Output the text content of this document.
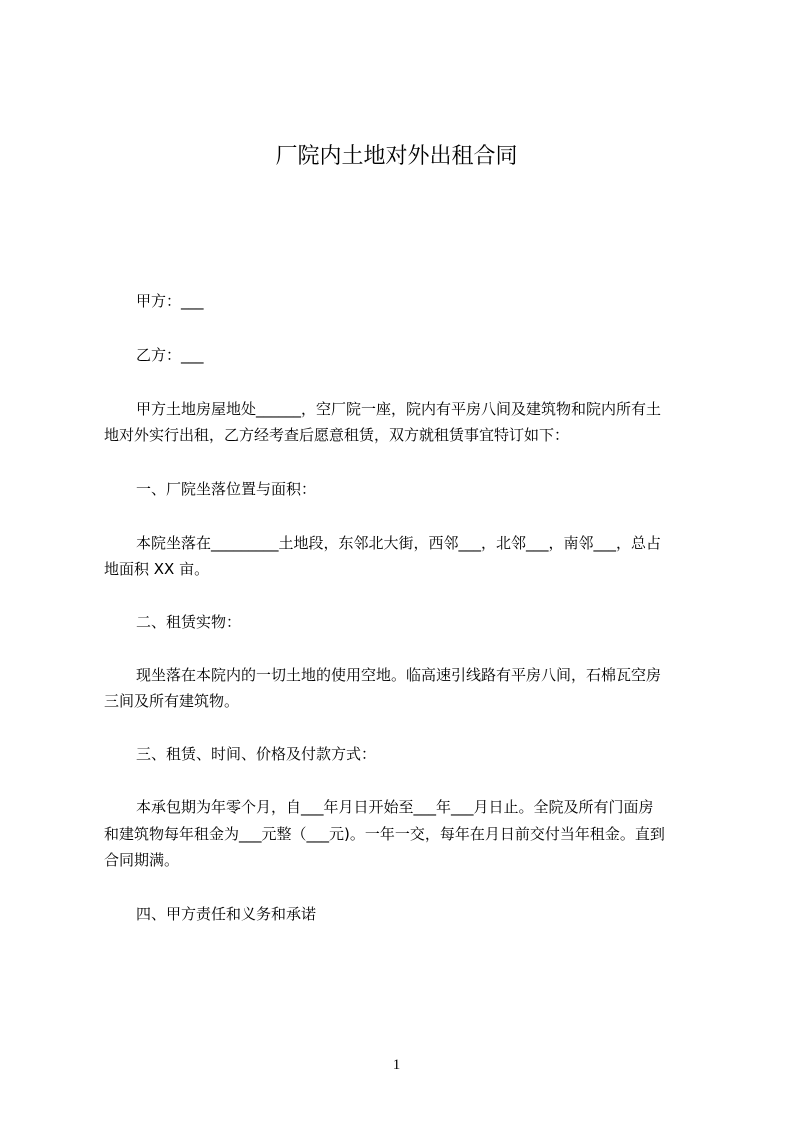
厂院内土地对外出租合同
甲方：___
乙方：___
甲方土地房屋地处______，空厂院一座，院内有平房八间及建筑物和院内所有土
地对外实行出租，乙方经考查后愿意租赁，双方就租赁事宜特订如下：
一、厂院坐落位置与面积：
本院坐落在_________土地段，东邻北大街，西邻___，北邻___，南邻___，总占
地面积 XX 亩。
二、租赁实物：
现坐落在本院内的一切土地的使用空地。临高速引线路有平房八间，石棉瓦空房
三间及所有建筑物。
三、租赁、时间、价格及付款方式：
本承包期为年零个月，自___年月日开始至___年___月日止。全院及所有门面房
和建筑物每年租金为___元整（___元)。一年一交，每年在月日前交付当年租金。直到
合同期满。
四、甲方责任和义务和承诺
1
